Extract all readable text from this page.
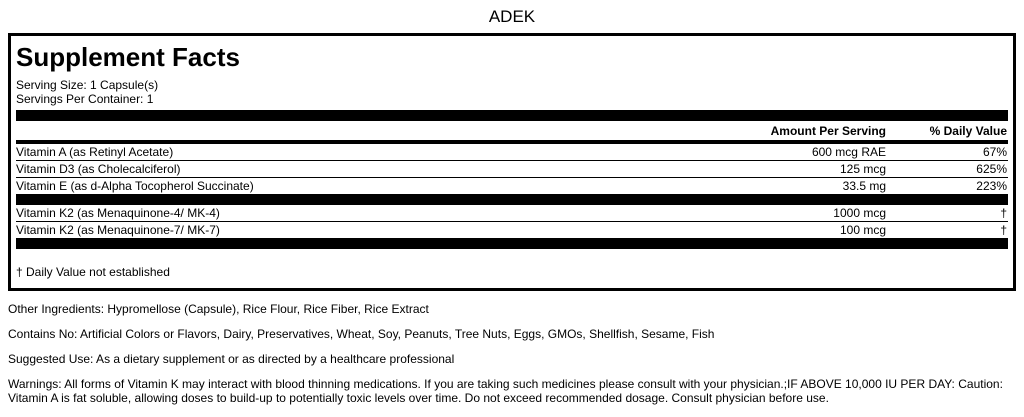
ADEK
Supplement Facts
Serving Size: 1 Capsule(s)
Servings Per Container: 1
Amount Per Serving	% Daily Value
Vitamin A (as Retinyl Acetate)	600 mcg RAE	67%
Vitamin D3 (as Cholecalciferol)	125 mcg	625%
Vitamin E (as d-Alpha Tocopherol Succinate)	33.5 mg	223%
Vitamin K2 (as Menaquinone-4/ MK-4)	1000 mcg	†
Vitamin K2 (as Menaquinone-7/ MK-7)	100 mcg	†
† Daily Value not established
Other Ingredients: Hypromellose (Capsule), Rice Flour, Rice Fiber, Rice Extract
Contains No: Artificial Colors or Flavors, Dairy, Preservatives, Wheat, Soy, Peanuts, Tree Nuts, Eggs, GMOs, Shellfish, Sesame, Fish
Suggested Use: As a dietary supplement or as directed by a healthcare professional
Warnings: All forms of Vitamin K may interact with blood thinning medications. If you are taking such medicines please consult with your physician.;IF ABOVE 10,000 IU PER DAY: Caution: Vitamin A is fat soluble, allowing doses to build-up to potentially toxic levels over time. Do not exceed recommended dosage. Consult physician before use.
